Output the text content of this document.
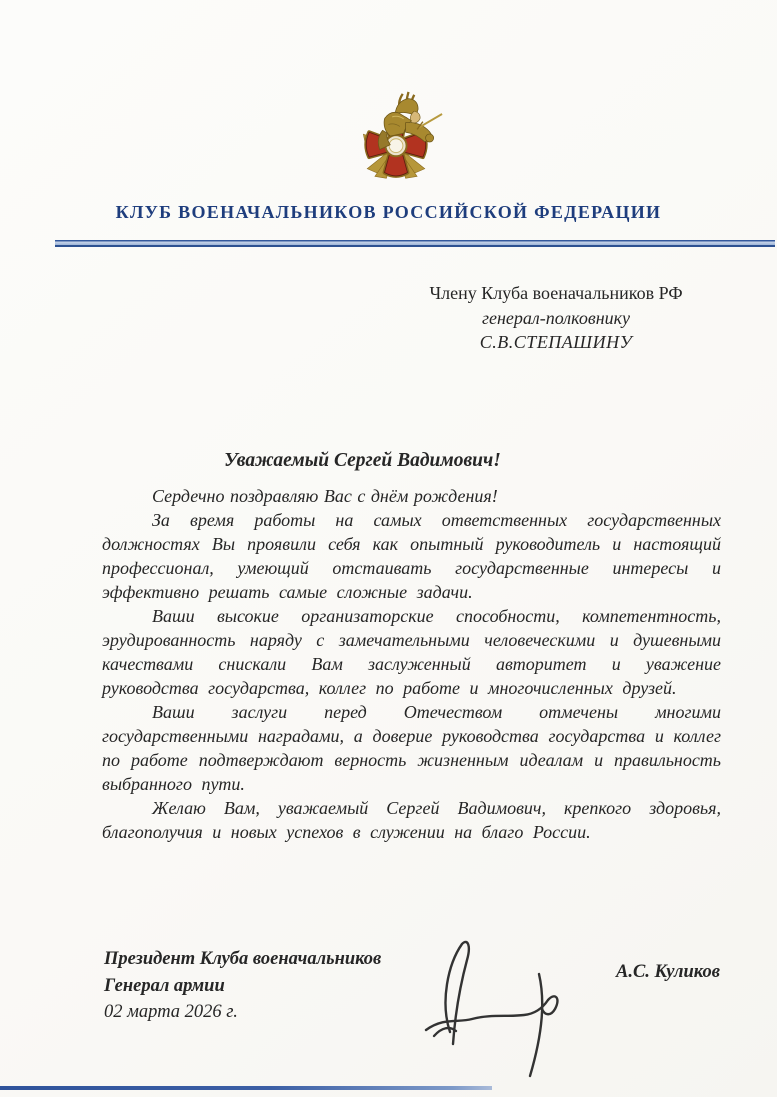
КЛУБ ВОЕНАЧАЛЬНИКОВ РОССИЙСКОЙ ФЕДЕРАЦИИ
Члену Клуба военачальников РФ
генерал-полковнику
С.В.СТЕПАШИНУ
Уважаемый Сергей Вадимович!

Сердечно поздравляю Вас с днём рождения!

За время работы на самых ответственных государственных должностях Вы проявили себя как опытный руководитель и настоящий профессионал, умеющий отстаивать государственные интересы и эффективно решать самые сложные задачи.

Ваши высокие организаторские способности, компетентность, эрудированность наряду с замечательными человеческими и душевными качествами снискали Вам заслуженный авторитет и уважение руководства государства, коллег по работе и многочисленных друзей.

Ваши заслуги перед Отечеством отмечены многими государственными наградами, а доверие руководства государства и коллег по работе подтверждают верность жизненным идеалам и правильность выбранного пути.

Желаю Вам, уважаемый Сергей Вадимович, крепкого здоровья, благополучия и новых успехов в служении на благо России.

Президент Клуба военачальников
Генерал армии
02 марта 2026 г.
А.С. Куликов
